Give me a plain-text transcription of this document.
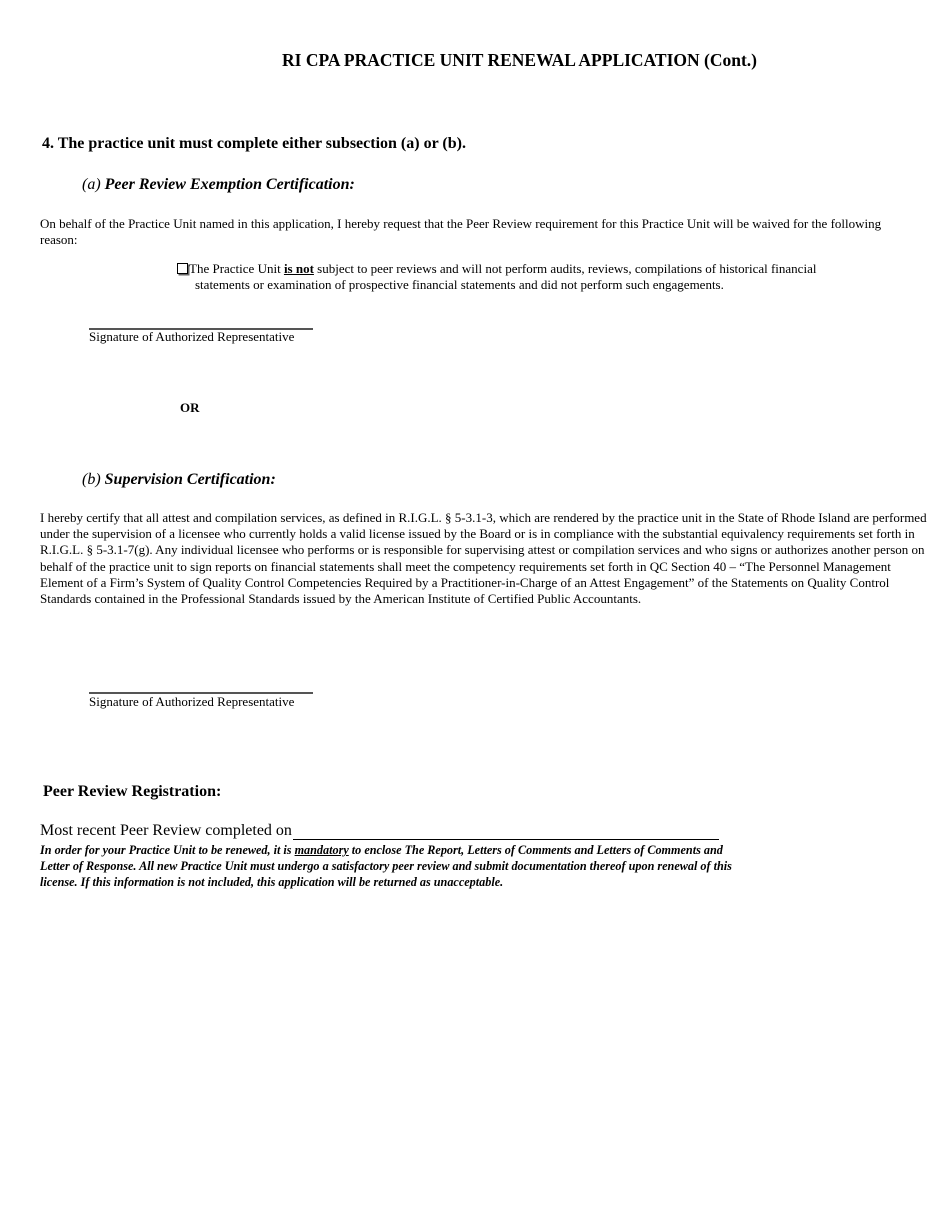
RI CPA PRACTICE UNIT RENEWAL APPLICATION (Cont.)
4. The practice unit must complete either subsection (a) or (b).
(a) Peer Review Exemption Certification:
On behalf of the Practice Unit named in this application, I hereby request that the Peer Review requirement for this Practice Unit will be waived for the following reason:
The Practice Unit is not subject to peer reviews and will not perform audits, reviews, compilations of historical financial
statements or examination of prospective financial statements and did not perform such engagements.
Signature of Authorized Representative
OR
(b) Supervision Certification:
I hereby certify that all attest and compilation services, as defined in R.I.G.L. § 5-3.1-3, which are rendered by the practice unit in the State of Rhode Island are performed under the supervision of a licensee who currently holds a valid license issued by the Board or is in compliance with the substantial equivalency requirements set forth in R.I.G.L. § 5-3.1-7(g). Any individual licensee who performs or is responsible for supervising attest or compilation services and who signs or authorizes another person on behalf of the practice unit to sign reports on financial statements shall meet the competency requirements set forth in QC Section 40 – “The Personnel Management Element of a Firm’s System of Quality Control Competencies Required by a Practitioner-in-Charge of an Attest Engagement” of the Statements on Quality Control Standards contained in the Professional Standards issued by the American Institute of Certified Public Accountants.
Signature of Authorized Representative
Peer Review Registration:
Most recent Peer Review completed on
In order for your Practice Unit to be renewed, it is mandatory to enclose The Report, Letters of Comments and Letters of Comments and Letter of Response. All new Practice Unit must undergo a satisfactory peer review and submit documentation thereof upon renewal of this license. If this information is not included, this application will be returned as unacceptable.
